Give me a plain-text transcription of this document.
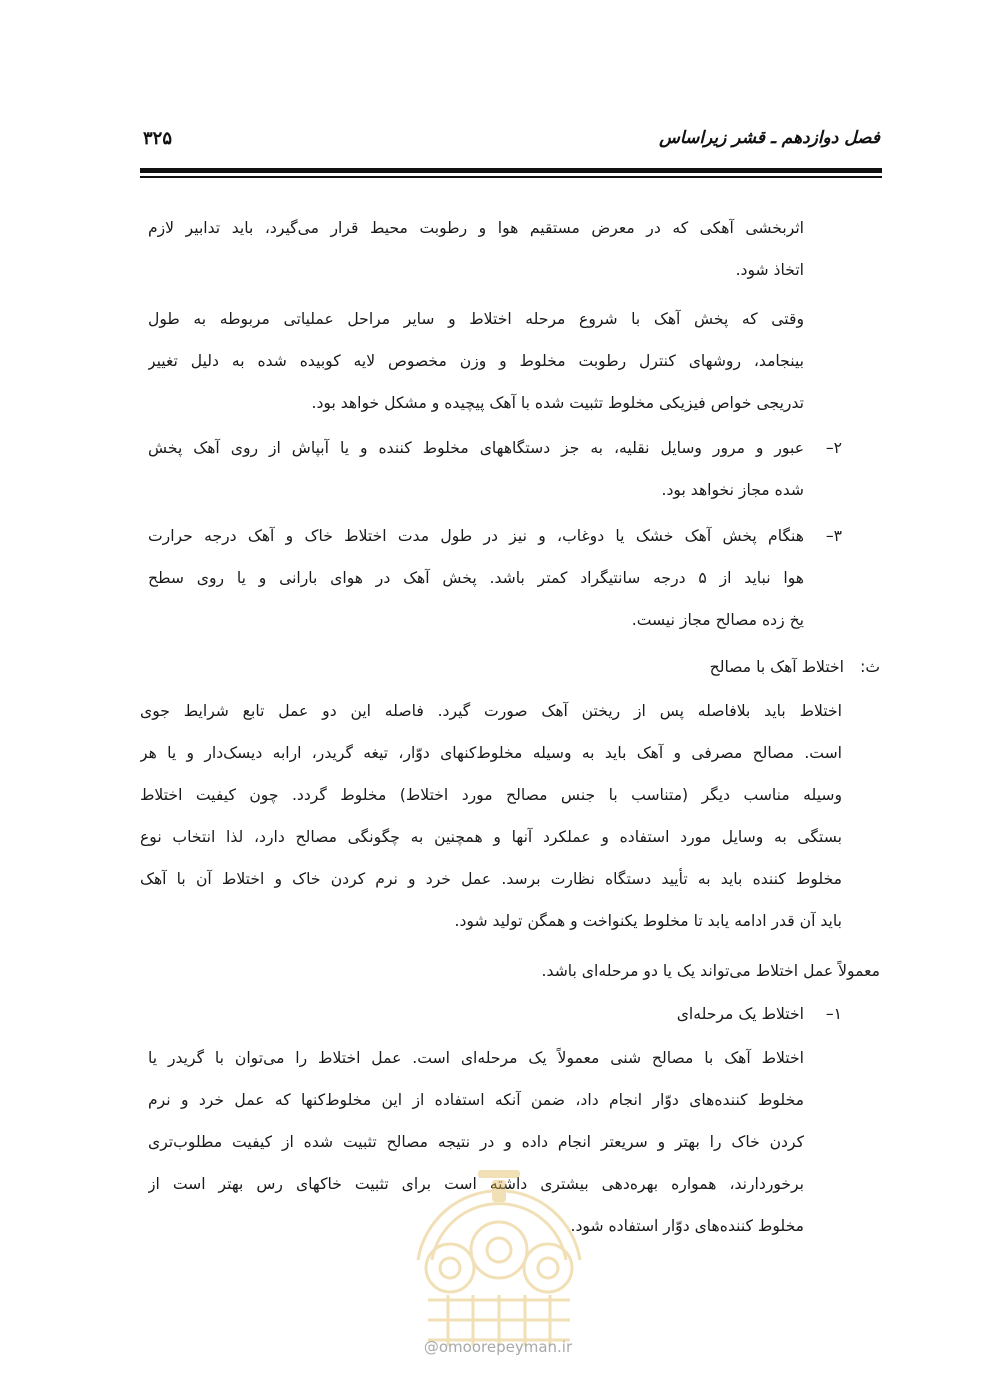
فصل دوازدهم ـ قشر زیراساس
۳۲۵
اثربخشی آهکی که در معرض مستقیم هوا و رطوبت محیط قرار می‌گیرد، باید تدابیر لازم
اتخاذ شود.
وقتی که پخش آهک با شروع مرحله اختلاط و سایر مراحل عملیاتی مربوطه به طول
بینجامد، روشهای کنترل رطوبت مخلوط و وزن مخصوص لایه کوبیده شده به دلیل تغییر
تدریجی خواص فیزیکی مخلوط تثبیت شده با آهک پیچیده و مشکل خواهد بود.
۲–
عبور و مرور وسایل نقلیه، به جز دستگاههای مخلوط کننده و یا آبپاش از روی آهک پخش
شده مجاز نخواهد بود.
۳–
هنگام پخش آهک خشک یا دوغاب، و نیز در طول مدت اختلاط خاک و آهک درجه حرارت
هوا نباید از ۵ درجه سانتیگراد کمتر باشد. پخش آهک در هوای بارانی و یا روی سطح
یخ زده مصالح مجاز نیست.
ث:
اختلاط آهک با مصالح
اختلاط باید بلافاصله پس از ریختن آهک صورت گیرد. فاصله این دو عمل تابع شرایط جوی
است. مصالح مصرفی و آهک باید به وسیله مخلوط‌کنهای دوّار، تیغه گریدر، ارابه دیسک‌دار و یا هر
وسیله مناسب دیگر (متناسب با جنس مصالح مورد اختلاط) مخلوط گردد. چون کیفیت اختلاط
بستگی به وسایل مورد استفاده و عملکرد آنها و همچنین به چگونگی مصالح دارد، لذا انتخاب نوع
مخلوط کننده باید به تأیید دستگاه نظارت برسد. عمل خرد و نرم کردن خاک و اختلاط آن با آهک
باید آن قدر ادامه یابد تا مخلوط یکنواخت و همگن تولید شود.
معمولاً عمل اختلاط می‌تواند یک یا دو مرحله‌ای باشد.
۱–
اختلاط یک مرحله‌ای
اختلاط آهک با مصالح شنی معمولاً یک مرحله‌ای است. عمل اختلاط را می‌توان با گریدر یا
مخلوط کننده‌های دوّار انجام داد، ضمن آنکه استفاده از این مخلوط‌کنها که عمل خرد و نرم
کردن خاک را بهتر و سریعتر انجام داده و در نتیجه مصالح تثبیت شده از کیفیت مطلوب‌تری
برخوردارند، همواره بهره‌دهی بیشتری داشته است برای تثبیت خاکهای رس بهتر است از
مخلوط کننده‌های دوّار استفاده شود.
@omoorepeyman.ir
